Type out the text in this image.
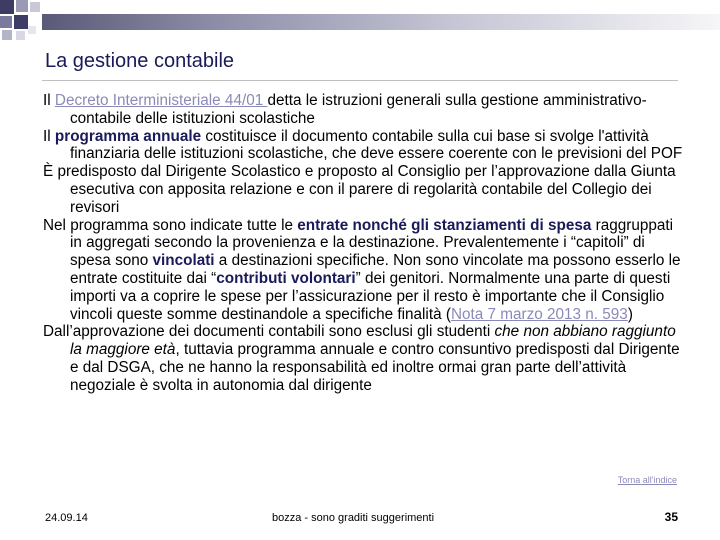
La gestione contabile

Il Decreto Interministeriale 44/01 detta le istruzioni generali sulla gestione amministrativo-contabile delle istituzioni scolastiche

Il programma annuale costituisce il documento contabile sulla cui base si svolge l'attività finanziaria delle istituzioni scolastiche, che deve essere coerente con le previsioni del POF

È predisposto dal Dirigente Scolastico e proposto al Consiglio per l’approvazione dalla Giunta esecutiva con apposita relazione e con il parere di regolarità contabile del Collegio dei revisori

Nel programma sono indicate tutte le entrate nonché gli stanziamenti di spesa raggruppati in aggregati secondo la provenienza e la destinazione. Prevalentemente i “capitoli” di spesa sono vincolati a destinazioni specifiche. Non sono vincolate ma possono esserlo le entrate costituite dai “contributi volontari” dei genitori. Normalmente una parte di questi importi va a coprire le spese per l’assicurazione per il resto è importante che il Consiglio vincoli queste somme destinandole a specifiche finalità (Nota 7 marzo 2013 n. 593)

Dall’approvazione dei documenti contabili sono esclusi gli studenti che non abbiano raggiunto la maggiore età, tuttavia programma annuale e contro consuntivo predisposti dal Dirigente e dal DSGA, che ne hanno la responsabilità ed inoltre ormai gran parte dell’attività negoziale è svolta in autonomia dal dirigente

Torna all'indice
24.09.14	bozza - sono graditi suggerimenti	35
